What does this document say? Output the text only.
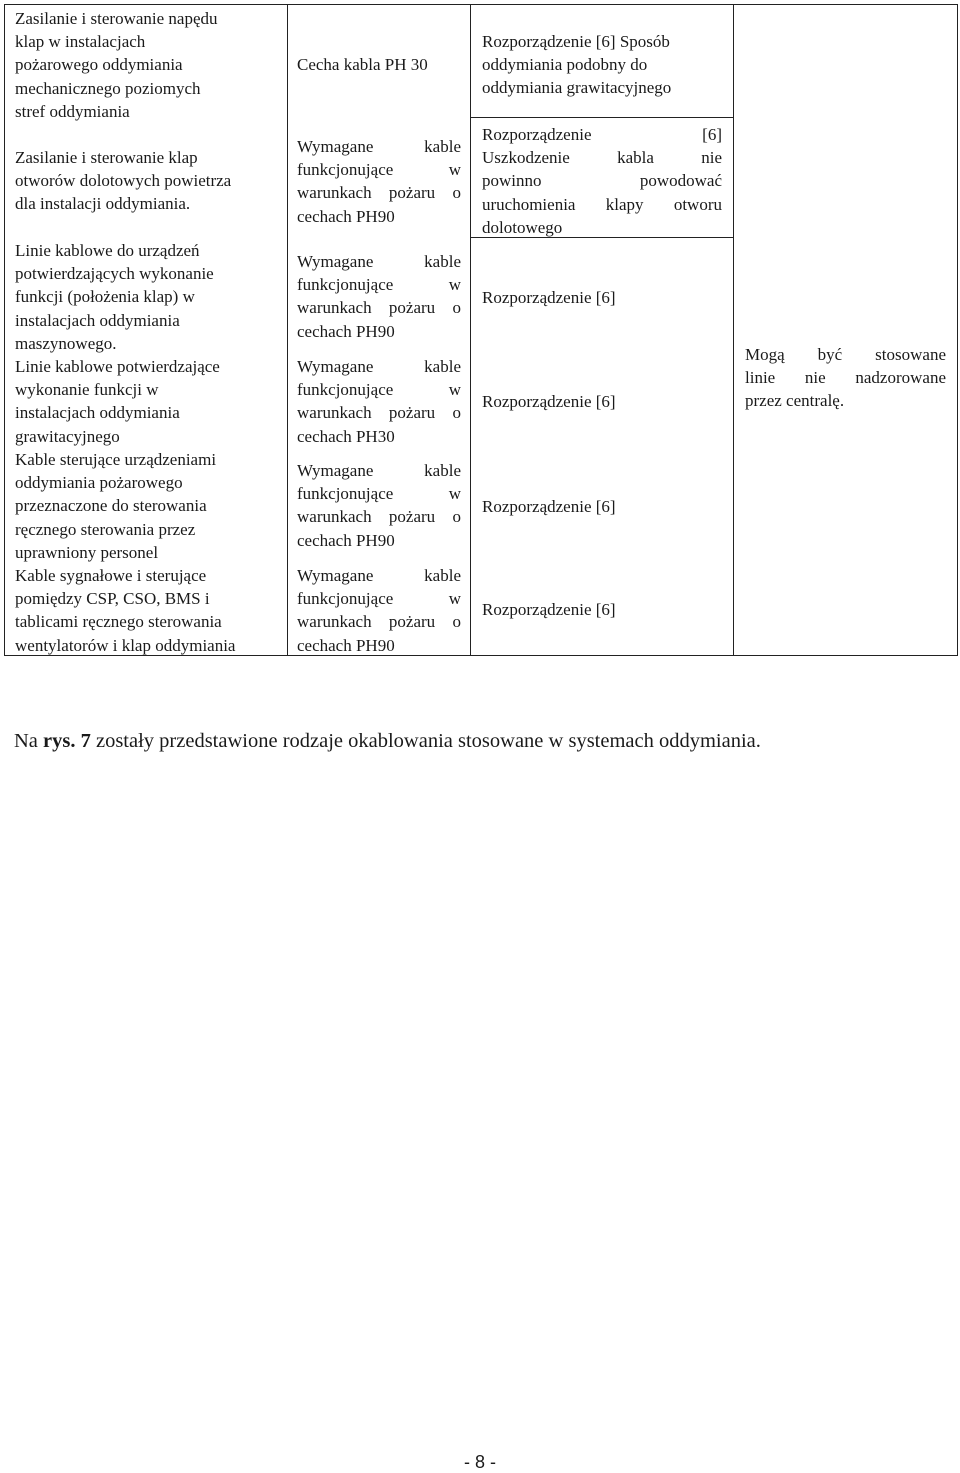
Zasilanie i sterowanie napędu
klap w instalacjach
pożarowego oddymiania
mechanicznego poziomych
stref oddymiania
Zasilanie i sterowanie klap
otworów dolotowych powietrza
dla instalacji oddymiania.
Linie kablowe do urządzeń
potwierdzających wykonanie
funkcji (położenia klap) w
instalacjach oddymiania
maszynowego.
Linie kablowe potwierdzające
wykonanie funkcji w
instalacjach oddymiania
grawitacyjnego
Kable sterujące urządzeniami
oddymiania pożarowego
przeznaczone do sterowania
ręcznego sterowania przez
uprawniony personel
Kable sygnałowe i sterujące
pomiędzy CSP, CSO, BMS i
tablicami ręcznego sterowania
wentylatorów i klap oddymiania
Cecha kabla PH 30
Wymagane kable
funkcjonujące w
warunkach pożaru o
cechach PH90
Wymagane kable
funkcjonujące w
warunkach pożaru o
cechach PH90
Wymagane kable
funkcjonujące w
warunkach pożaru o
cechach PH30
Wymagane kable
funkcjonujące w
warunkach pożaru o
cechach PH90
Wymagane kable
funkcjonujące w
warunkach pożaru o
cechach PH90
Rozporządzenie [6] Sposób
oddymiania podobny do
oddymiania grawitacyjnego
Rozporządzenie [6]
Uszkodzenie kabla nie
powinno powodować
uruchomienia klapy otworu
dolotowego
Rozporządzenie [6]
Rozporządzenie [6]
Rozporządzenie [6]
Rozporządzenie [6]
Mogą być stosowane
linie nie nadzorowane
przez centralę.
Na rys. 7 zostały przedstawione rodzaje okablowania stosowane w systemach oddymiania.
- 8 -
